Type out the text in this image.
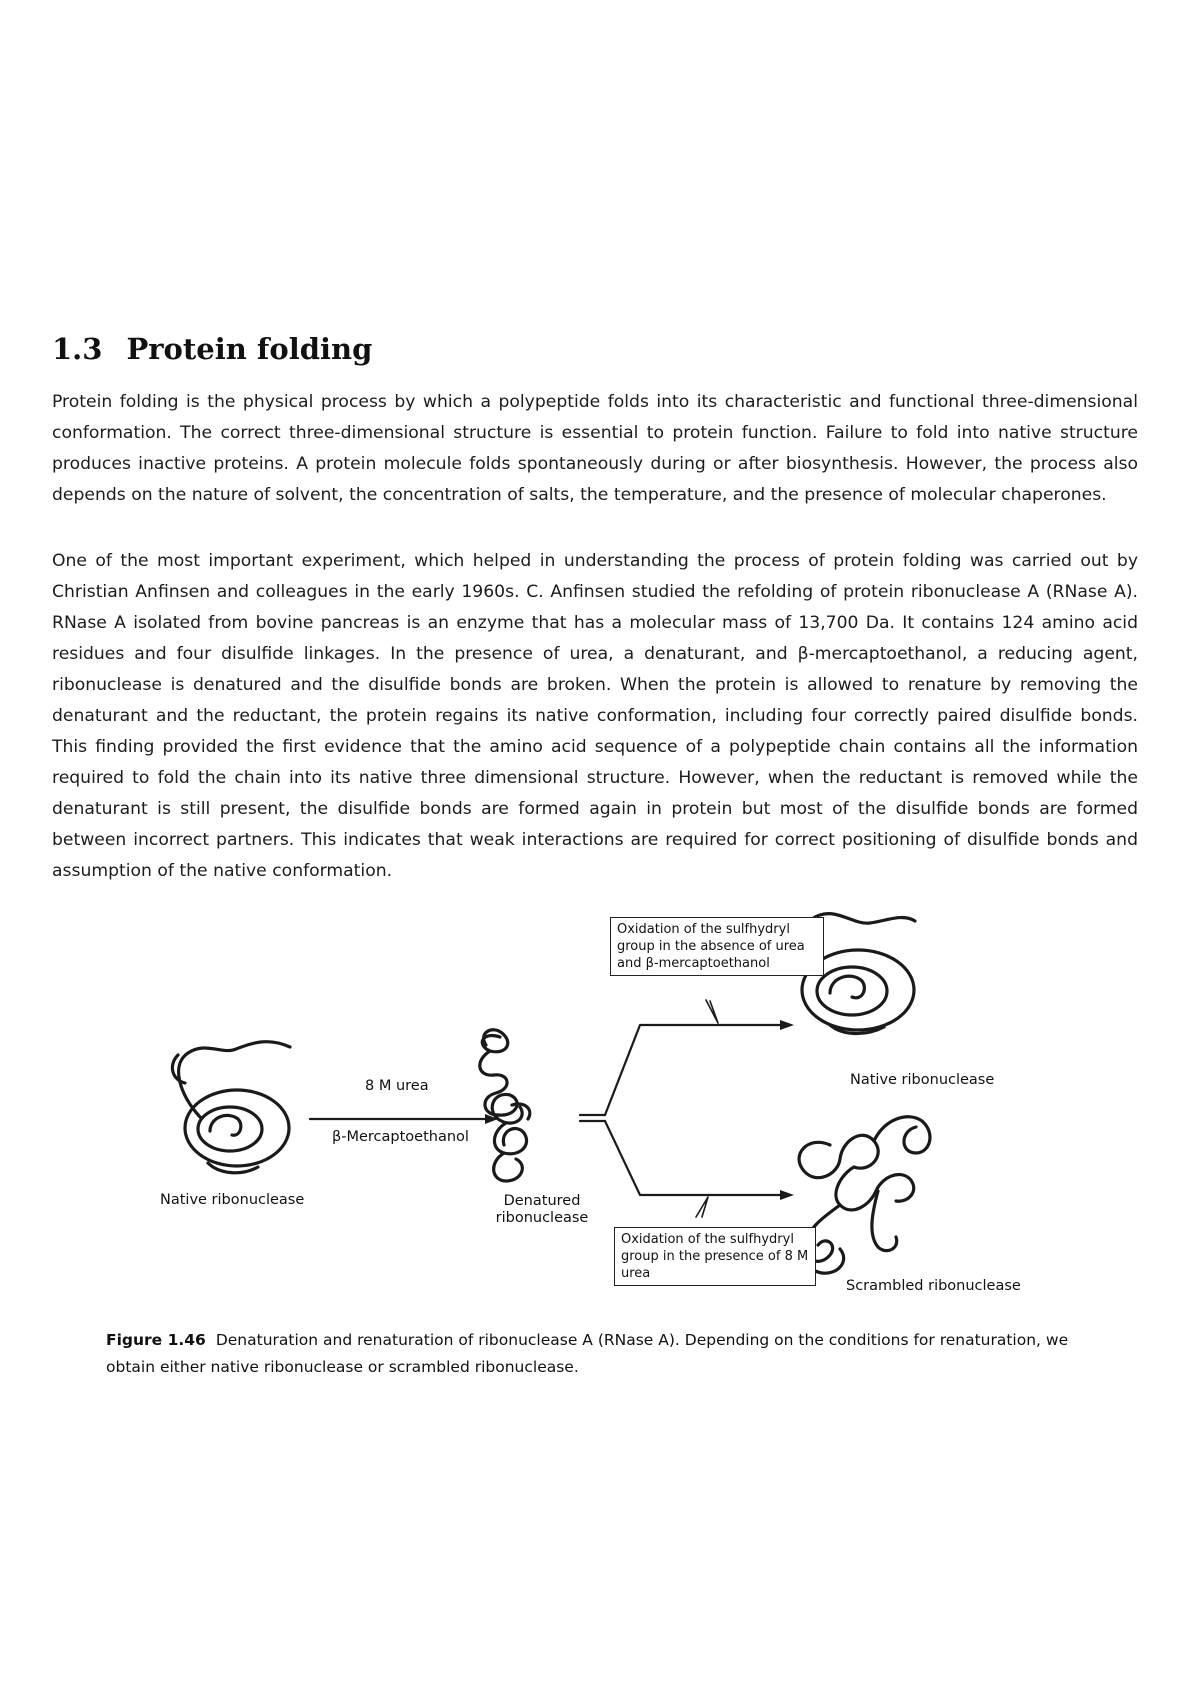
1.3 Protein folding

Protein folding is the physical process by which a polypeptide folds into its characteristic and functional three-dimensional conformation. The correct three-dimensional structure is essential to protein function. Failure to fold into native structure produces inactive proteins. A protein molecule folds spontaneously during or after biosynthesis. However, the process also depends on the nature of solvent, the concentration of salts, the temperature, and the presence of molecular chaperones.

One of the most important experiment, which helped in understanding the process of protein folding was carried out by Christian Anfinsen and colleagues in the early 1960s. C. Anfinsen studied the refolding of protein ribonuclease A (RNase A). RNase A isolated from bovine pancreas is an enzyme that has a molecular mass of 13,700 Da. It contains 124 amino acid residues and four disulfide linkages. In the presence of urea, a denaturant, and β-mercaptoethanol, a reducing agent, ribonuclease is denatured and the disulfide bonds are broken. When the protein is allowed to renature by removing the denaturant and the reductant, the protein regains its native conformation, including four correctly paired disulfide bonds. This finding provided the first evidence that the amino acid sequence of a polypeptide chain contains all the information required to fold the chain into its native three dimensional structure. However, when the reductant is removed while the denaturant is still present, the disulfide bonds are formed again in protein but most of the disulfide bonds are formed between incorrect partners. This indicates that weak interactions are required for correct positioning of disulfide bonds and assumption of the native conformation.

Oxidation of the sulfhydryl group in the absence of urea and β-mercaptoethanol
Oxidation of the sulfhydryl group in the presence of 8 M urea
8 M urea
β-Mercaptoethanol
Native ribonuclease	Denatured ribonuclease
Native ribonuclease
Scrambled ribonuclease

Figure 1.46 Denaturation and renaturation of ribonuclease A (RNase A). Depending on the conditions for renaturation, we obtain either native ribonuclease or scrambled ribonuclease.
